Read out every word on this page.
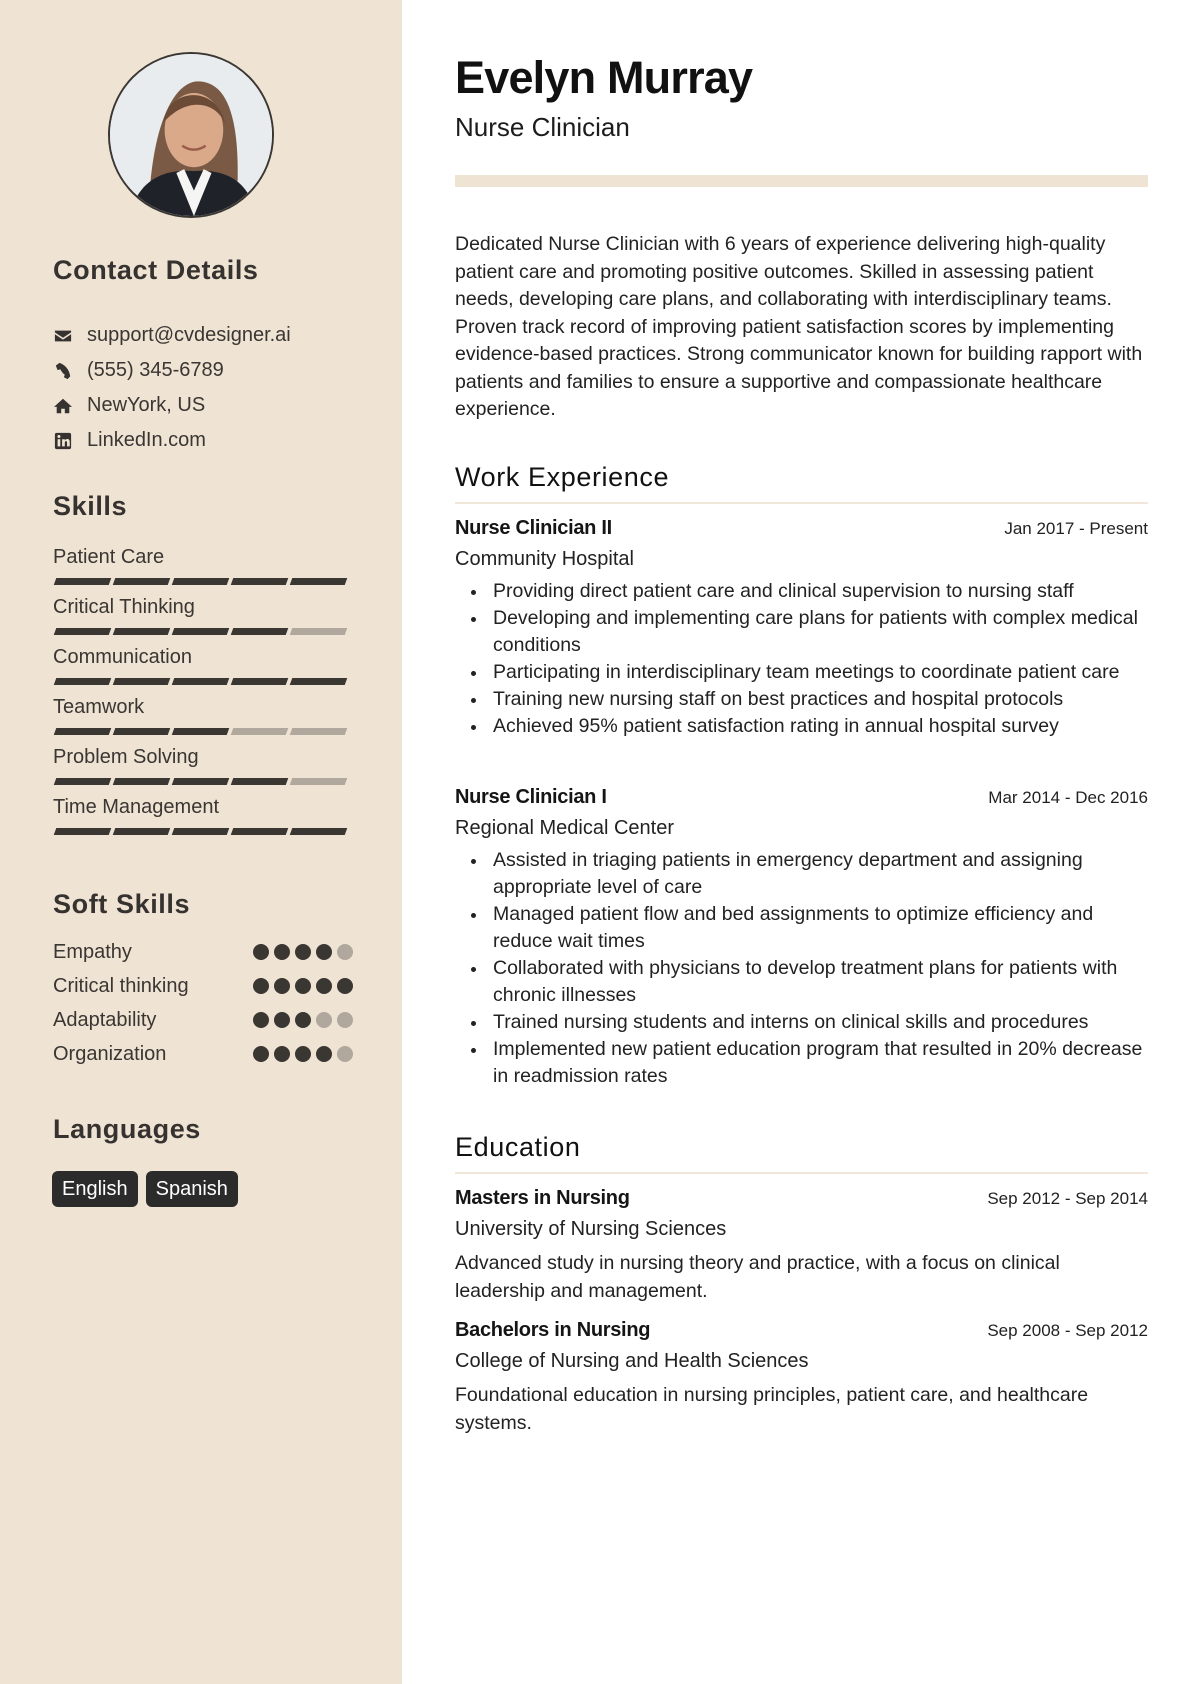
Contact Details
support@cvdesigner.ai
(555) 345-6789
NewYork, US
LinkedIn.com
Skills
Patient Care
Critical Thinking
Communication
Teamwork
Problem Solving
Time Management
Soft Skills
Empathy
Critical thinking
Adaptability
Organization
Languages
English	Spanish
Evelyn Murray
Nurse Clinician

Dedicated Nurse Clinician with 6 years of experience delivering high-quality patient care and promoting positive outcomes. Skilled in assessing patient needs, developing care plans, and collaborating with interdisciplinary teams. Proven track record of improving patient satisfaction scores by implementing evidence-based practices. Strong communicator known for building rapport with patients and families to ensure a supportive and compassionate healthcare experience.

Work Experience
Nurse Clinician II	Jan 2017 - Present
Community Hospital
Providing direct patient care and clinical supervision to nursing staff
Developing and implementing care plans for patients with complex medical conditions
Participating in interdisciplinary team meetings to coordinate patient care
Training new nursing staff on best practices and hospital protocols
Achieved 95% patient satisfaction rating in annual hospital survey
Nurse Clinician I	Mar 2014 - Dec 2016
Regional Medical Center
Assisted in triaging patients in emergency department and assigning appropriate level of care
Managed patient flow and bed assignments to optimize efficiency and reduce wait times
Collaborated with physicians to develop treatment plans for patients with chronic illnesses
Trained nursing students and interns on clinical skills and procedures
Implemented new patient education program that resulted in 20% decrease in readmission rates
Education
Masters in Nursing	Sep 2012 - Sep 2014
University of Nursing Sciences

Advanced study in nursing theory and practice, with a focus on clinical leadership and management.

Bachelors in Nursing	Sep 2008 - Sep 2012
College of Nursing and Health Sciences

Foundational education in nursing principles, patient care, and healthcare systems.
